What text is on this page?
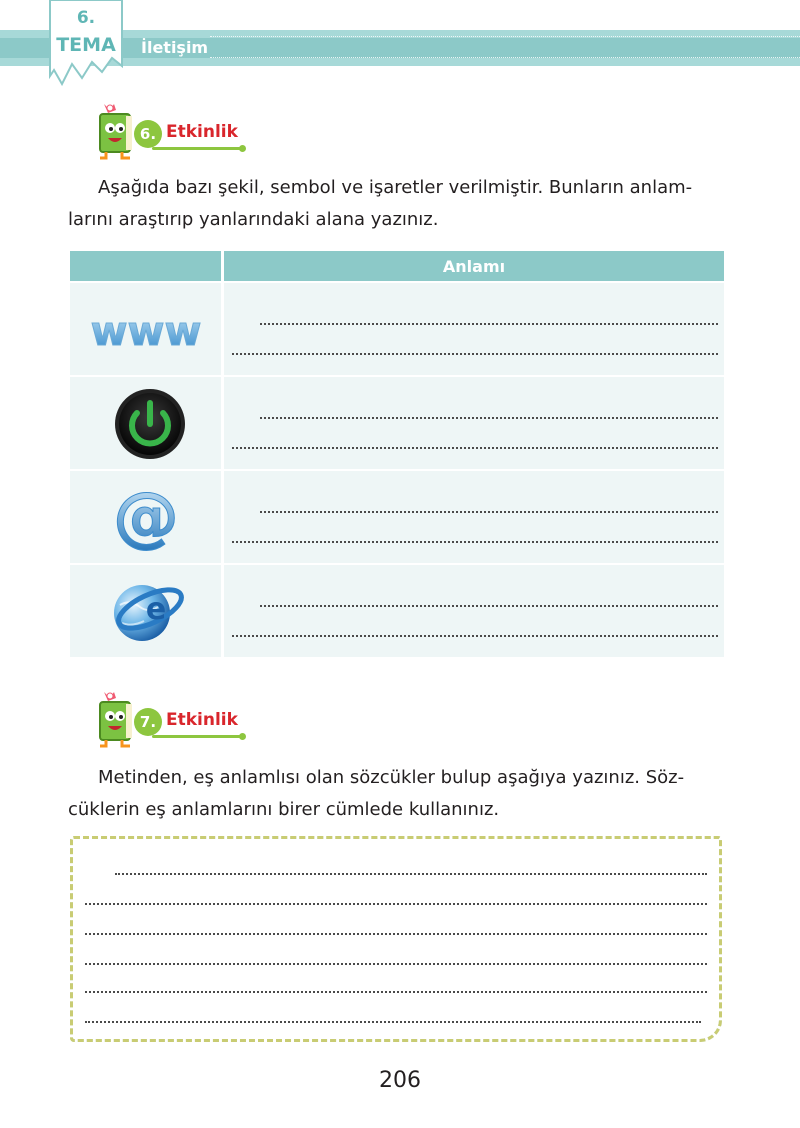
6.
TEMA	İletişim
6. Etkinlik
Aşağıda bazı şekil, sembol ve işaretler verilmiştir. Bunların anlam-
larını araştırıp yanlarındaki alana yazınız.
Anlamı
www
@
e
7. Etkinlik
Metinden, eş anlamlısı olan sözcükler bulup aşağıya yazınız. Söz-
cüklerin eş anlamlarını birer cümlede kullanınız.
206
